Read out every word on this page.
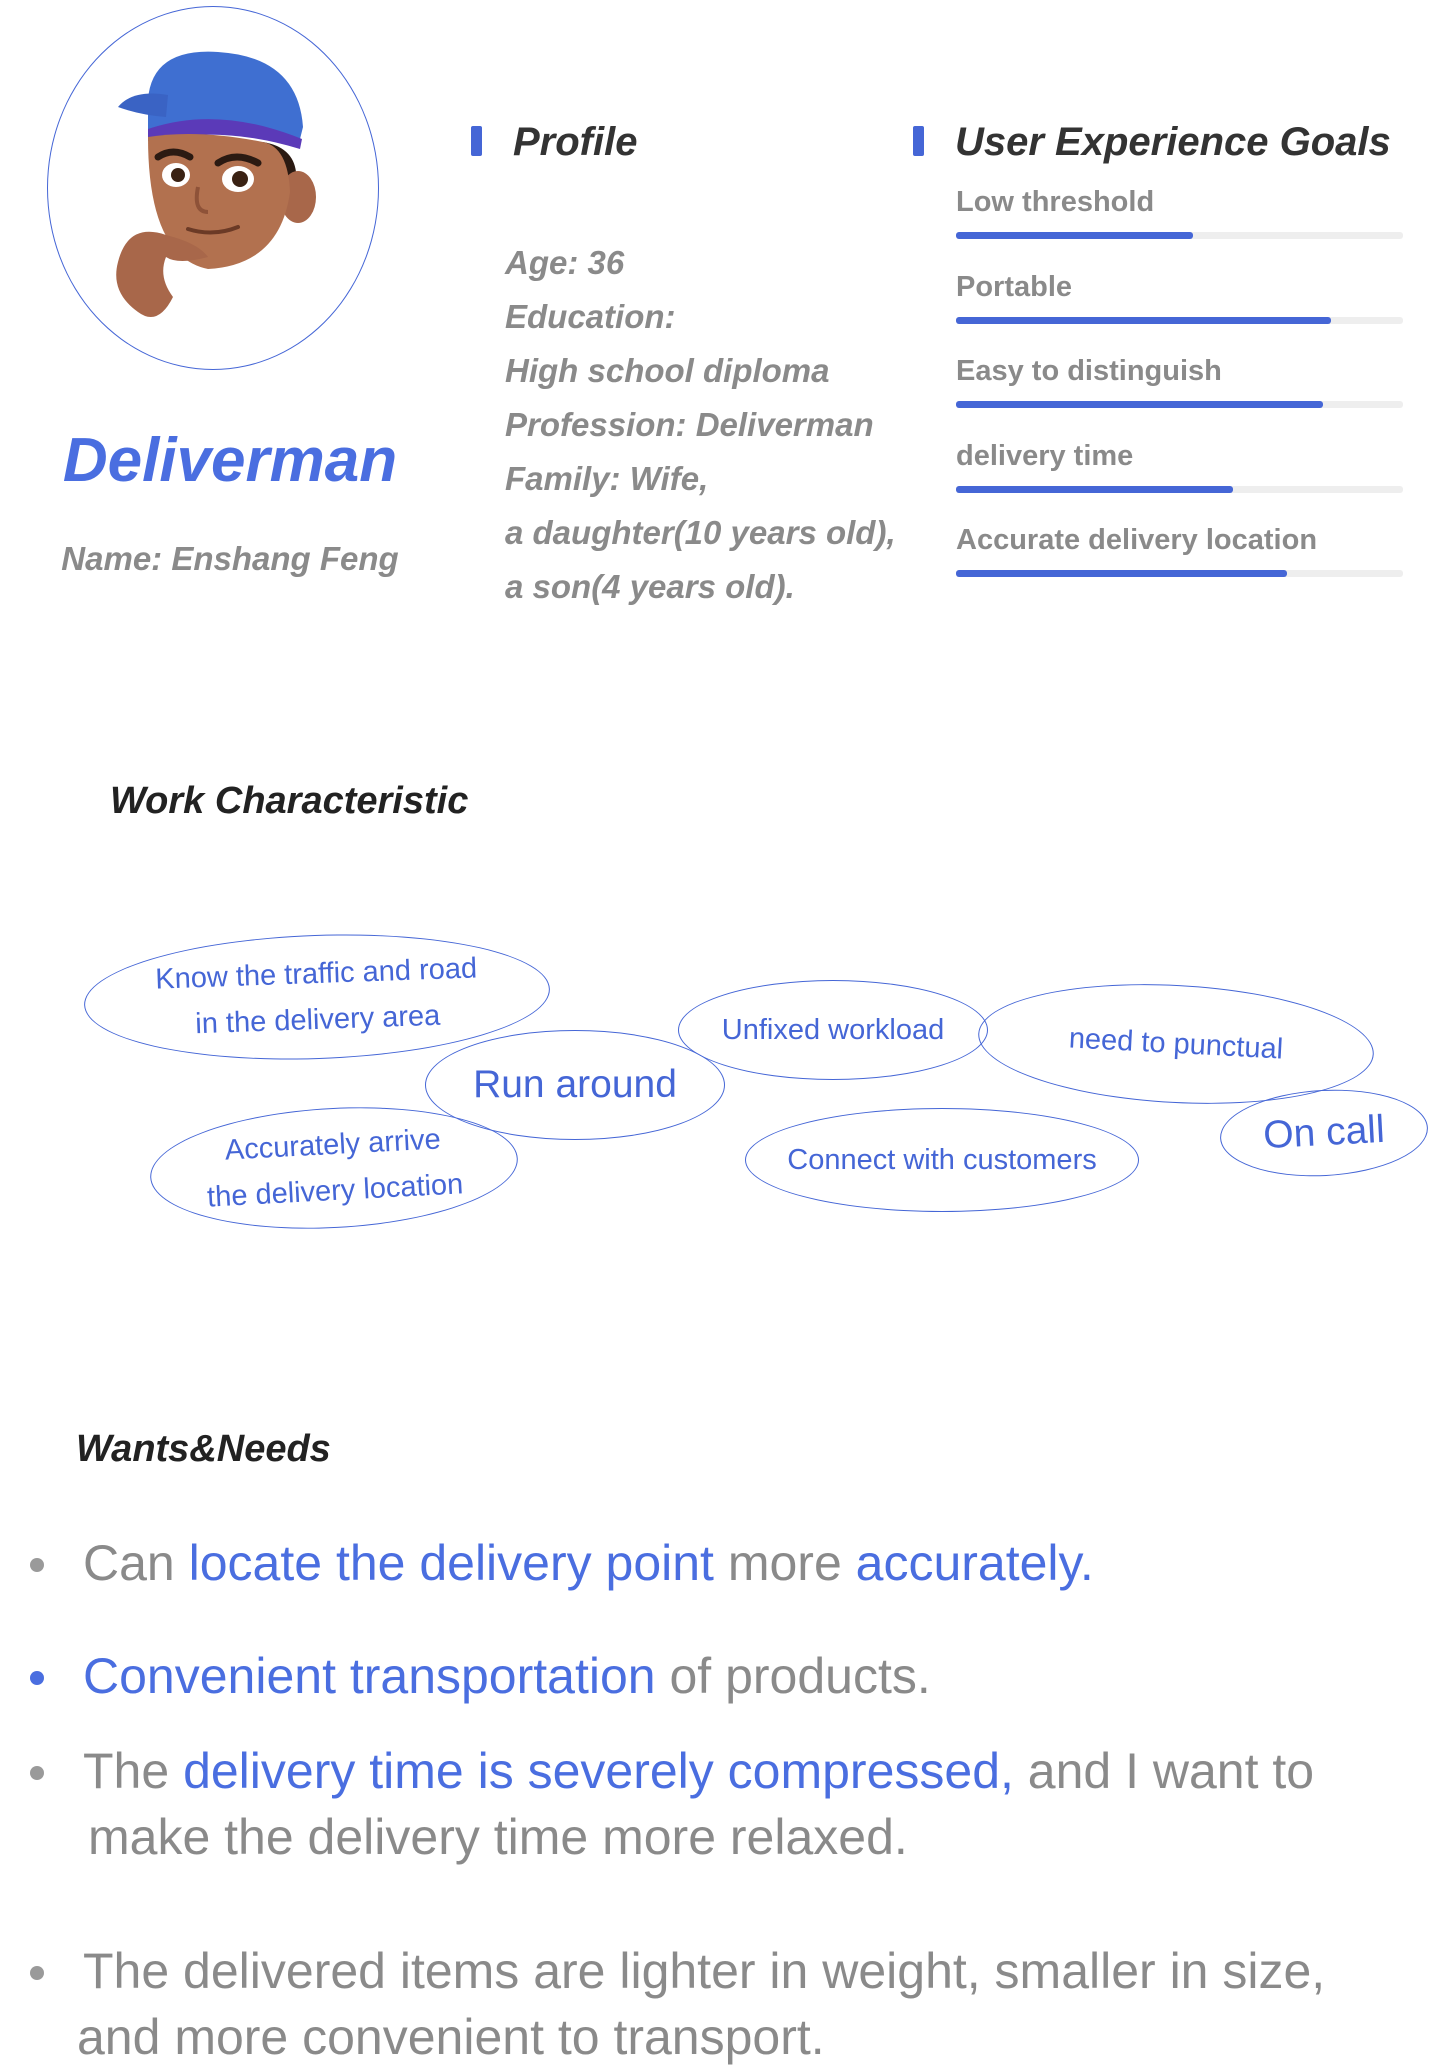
Deliverman
Name: Enshang Feng
Profile
Age: 36
Education:
High school diploma
Profession: Deliverman
Family: Wife,
a daughter(10 years old),
a son(4 years old).
User Experience Goals
Low threshold
Portable
Easy to distinguish
delivery time
Accurate delivery location
Work Characteristic
Know the traffic and road
in the delivery area
Run around
Accurately arrive
the delivery location
Unfixed workload	need to punctual
Connect with customers
On call
Wants&Needs
Can locate the delivery point more accurately.
Convenient transportation of products.
The delivery time is severely compressed, and I want to
make the delivery time more relaxed.
The delivered items are lighter in weight, smaller in size,
and more convenient to transport.
